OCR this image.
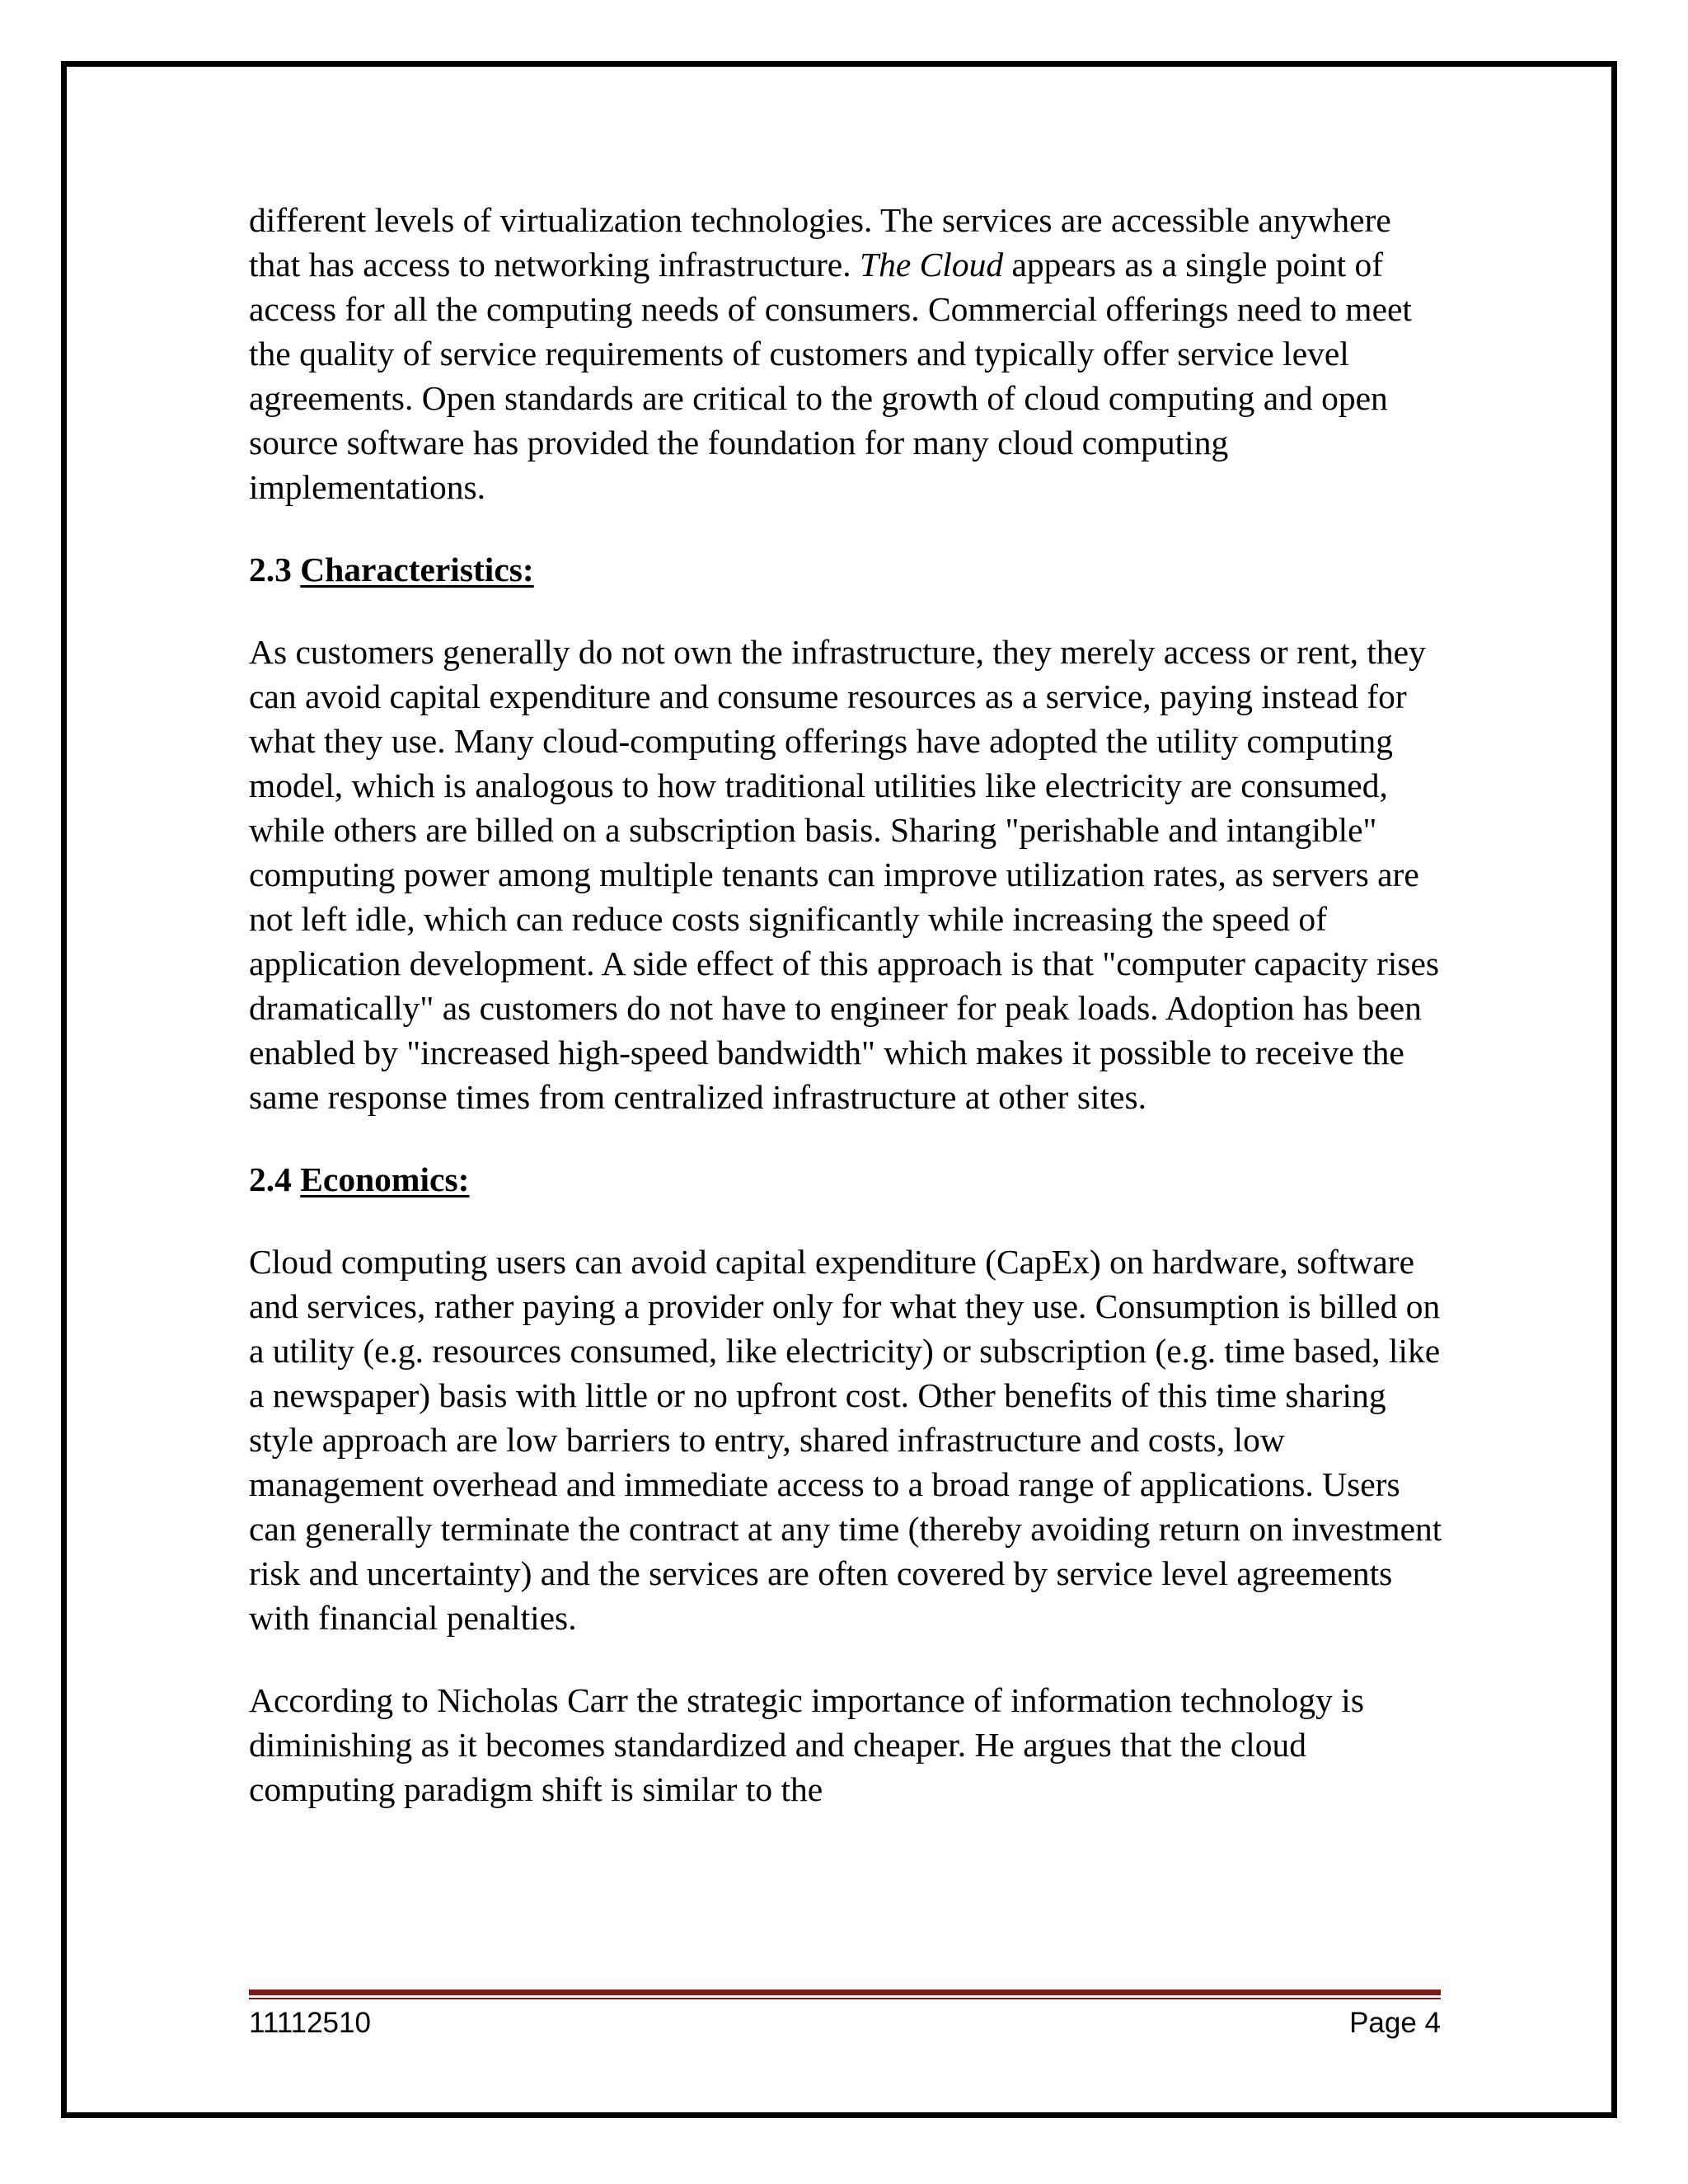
different levels of virtualization technologies. The services are accessible anywhere that has access to networking infrastructure. The Cloud appears as a single point of access for all the computing needs of consumers. Commercial offerings need to meet the quality of service requirements of customers and typically offer service level agreements. Open standards are critical to the growth of cloud computing and open source software has provided the foundation for many cloud computing implementations.

2.3 Characteristics:

As customers generally do not own the infrastructure, they merely access or rent, they can avoid capital expenditure and consume resources as a service, paying instead for what they use. Many cloud-computing offerings have adopted the utility computing model, which is analogous to how traditional utilities like electricity are consumed, while others are billed on a subscription basis. Sharing "perishable and intangible" computing power among multiple tenants can improve utilization rates, as servers are not left idle, which can reduce costs significantly while increasing the speed of application development. A side effect of this approach is that "computer capacity rises dramatically" as customers do not have to engineer for peak loads. Adoption has been enabled by "increased high-speed bandwidth" which makes it possible to receive the same response times from centralized infrastructure at other sites.

2.4 Economics:

Cloud computing users can avoid capital expenditure (CapEx) on hardware, software and services, rather paying a provider only for what they use. Consumption is billed on a utility (e.g. resources consumed, like electricity) or subscription (e.g. time based, like a newspaper) basis with little or no upfront cost. Other benefits of this time sharing style approach are low barriers to entry, shared infrastructure and costs, low management overhead and immediate access to a broad range of applications. Users can generally terminate the contract at any time (thereby avoiding return on investment risk and uncertainty) and the services are often covered by service level agreements with financial penalties.

According to Nicholas Carr the strategic importance of information technology is diminishing as it becomes standardized and cheaper. He argues that the cloud computing paradigm shift is similar to the

11112510	Page 4
